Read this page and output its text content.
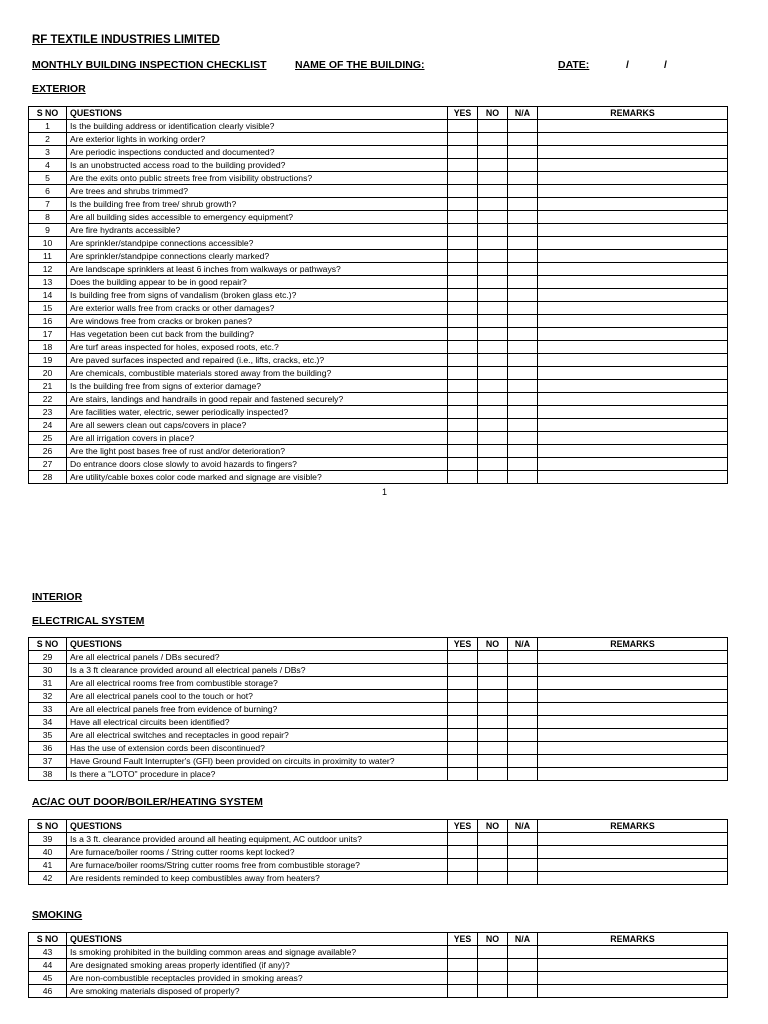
RF TEXTILE INDUSTRIES LIMITED
MONTHLY BUILDING INSPECTION CHECKLIST	NAME OF THE BUILDING:	DATE:	/	/
EXTERIOR
S NO	QUESTIONS	YES	NO	N/A	REMARKS
1	Is the building address or identification clearly visible?				
2	Are exterior lights in working order?				
3	Are periodic inspections conducted and documented?				
4	Is an unobstructed access road to the building provided?				
5	Are the exits onto public streets free from visibility obstructions?				
6	Are trees and shrubs trimmed?				
7	Is the building free from tree/ shrub growth?				
8	Are all building sides accessible to emergency equipment?				
9	Are fire hydrants accessible?				
10	Are sprinkler/standpipe connections accessible?				
11	Are sprinkler/standpipe connections clearly marked?				
12	Are landscape sprinklers at least 6 inches from walkways or pathways?				
13	Does the building appear to be in good repair?				
14	Is building free from signs of vandalism (broken glass etc.)?				
15	Are exterior walls free from cracks or other damages?				
16	Are windows free from cracks or broken panes?				
17	Has vegetation been cut back from the building?				
18	Are turf areas inspected for holes, exposed roots, etc.?				
19	Are paved surfaces inspected and repaired (i.e., lifts, cracks, etc.)?				
20	Are chemicals, combustible materials stored away from the building?				
21	Is the building free from signs of exterior damage?				
22	Are stairs, landings and handrails in good repair and fastened securely?				
23	Are facilities water, electric, sewer periodically inspected?				
24	Are all sewers clean out caps/covers in place?				
25	Are all irrigation covers in place?				
26	Are the light post bases free of rust and/or deterioration?				
27	Do entrance doors close slowly to avoid hazards to fingers?				
28	Are utility/cable boxes color code marked and signage are visible?				
1
INTERIOR
ELECTRICAL SYSTEM
S NO	QUESTIONS	YES	NO	N/A	REMARKS
29	Are all electrical panels / DBs secured?				
30	Is a 3 ft clearance provided around all electrical panels / DBs?				
31	Are all electrical rooms free from combustible storage?				
32	Are all electrical panels cool to the touch or hot?				
33	Are all electrical panels free from evidence of burning?				
34	Have all electrical circuits been identified?				
35	Are all electrical switches and receptacles in good repair?				
36	Has the use of extension cords been discontinued?				
37	Have Ground Fault Interrupter's (GFI) been provided on circuits in proximity to water?				
38	Is there a "LOTO" procedure in place?				
AC/AC OUT DOOR/BOILER/HEATING SYSTEM
S NO	QUESTIONS	YES	NO	N/A	REMARKS
39	Is a 3 ft. clearance provided around all heating equipment, AC outdoor units?				
40	Are furnace/boiler rooms / String cutter rooms kept locked?				
41	Are furnace/boiler rooms/String cutter rooms free from combustible storage?				
42	Are residents reminded to keep combustibles away from heaters?				
SMOKING
S NO	QUESTIONS	YES	NO	N/A	REMARKS
43	Is smoking prohibited in the building common areas and signage available?				
44	Are designated smoking areas properly identified (if any)?				
45	Are non-combustible receptacles provided in smoking areas?				
46	Are smoking materials disposed of properly?				
